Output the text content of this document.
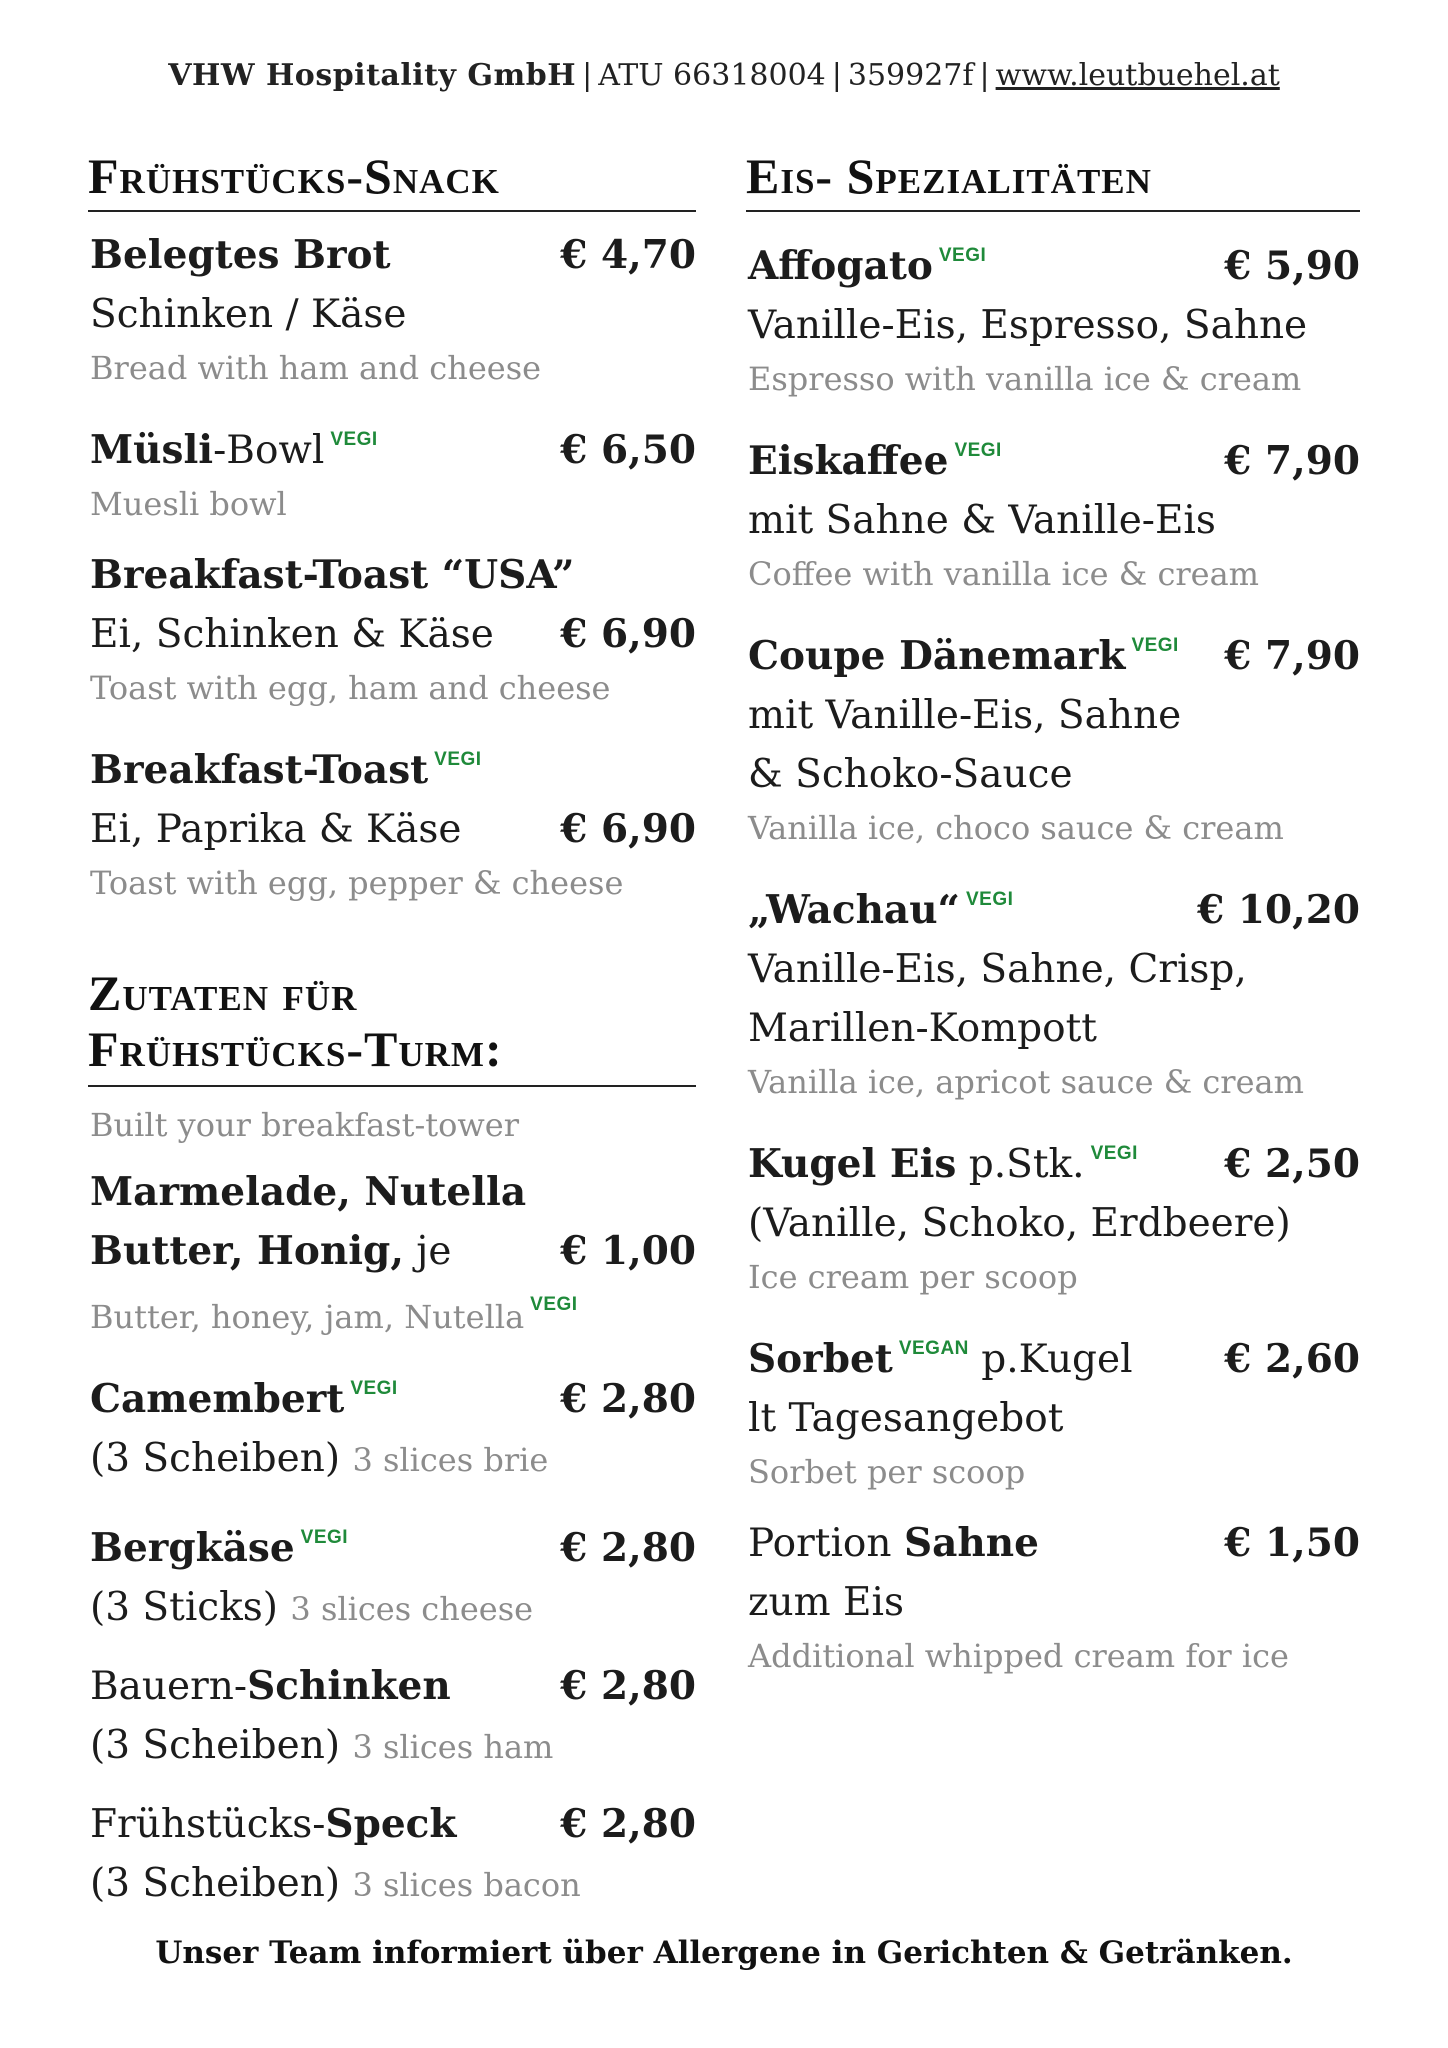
VHW Hospitality GmbH | ATU 66318004 | 359927f | www.leutbuehel.at
Frühstücks-Snack
Belegtes Brot	€ 4,70
Schinken / Käse
Bread with ham and cheese
Müsli-Bowl $^{VEGI}$	€ 6,50
Muesli bowl
Breakfast-Toast “USA”
Ei, Schinken & Käse € 6,90
Toast with egg, ham and cheese
Breakfast-Toast $^{VEGI}$
Ei, Paprika & Käse	€ 6,90
Toast with egg, pepper & cheese
Zutaten für
Frühstücks-Turm:
Built your breakfast-tower
Marmelade, Nutella
Butter, Honig, je	€ 1,00
Butter, honey, jam, Nutella $^{VEGI}$
Camembert $^{VEGI}$	€ 2,80
(3 Scheiben) 3 slices brie
Bergkäse $^{VEGI}$	€ 2,80
(3 Sticks) 3 slices cheese
Bauern-Schinken	€ 2,80
(3 Scheiben) 3 slices ham
Frühstücks-Speck	€ 2,80
(3 Scheiben) 3 slices bacon
Eis- Spezialitäten
Affogato $^{VEGI}$	€ 5,90
Vanille-Eis, Espresso, Sahne
Espresso with vanilla ice & cream
Eiskaffee $^{VEGI}$	€ 7,90
mit Sahne & Vanille-Eis
Coffee with vanilla ice & cream
Coupe Dänemark $^{VEGI}$ € 7,90
mit Vanille-Eis, Sahne
& Schoko-Sauce
Vanilla ice, choco sauce & cream
„Wachau“ $^{VEGI}$	€ 10,20
Vanille-Eis, Sahne, Crisp,
Marillen-Kompott
Vanilla ice, apricot sauce & cream
Kugel Eis p.Stk. $^{VEGI}$ € 2,50
(Vanille, Schoko, Erdbeere)
Ice cream per scoop
Sorbet $^{VEGAN}$ p.Kugel € 2,60
lt Tagesangebot
Sorbet per scoop
Portion Sahne	€ 1,50
zum Eis
Additional whipped cream for ice
Unser Team informiert über Allergene in Gerichten & Getränken.
